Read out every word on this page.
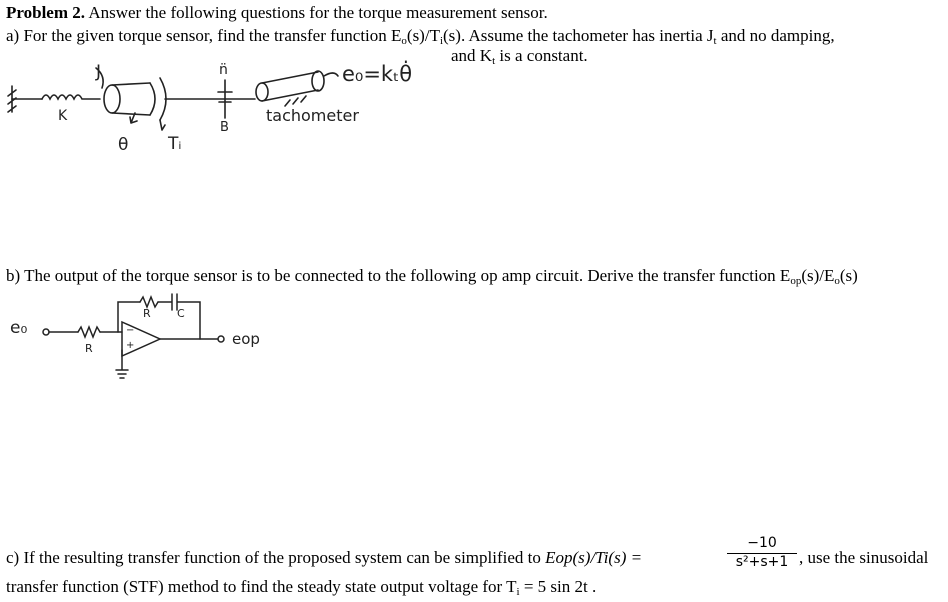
Problem 2. Answer the following questions for the torque measurement sensor.
a) For the given torque sensor, find the transfer function $E_o(s)/T_i(s)$. Assume the tachometer has inertia $J_t$ and no damping,
and $K_t$ is a constant.
J
K
θ Tᵢ
n̈
B
e₀=kₜθ̇
tachometer
b) The output of the torque sensor is to be connected to the following op amp circuit. Derive the transfer function $E_{op}(s)/E_o(s)$
e₀
eop
R
R C
−
+
c) If the resulting transfer function of the proposed system can be simplified to Eop(s)/Ti(s) =	$\frac{-10}{\text{s²+s+1}}$ , use the sinusoidal
transfer function (STF) method to find the steady state output voltage for $T_i = 5$ sin 2t .
